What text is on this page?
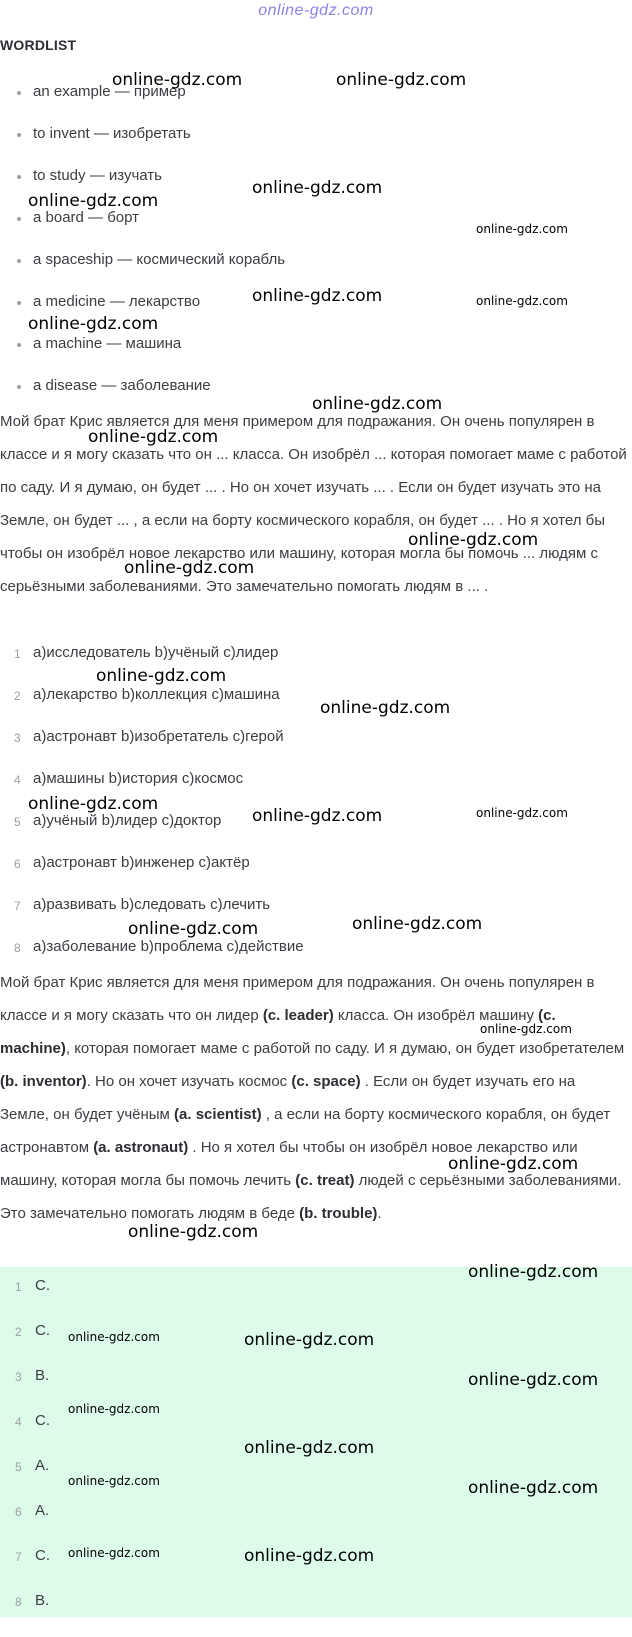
online-gdz.com
WORDLIST
an example — пример
to invent — изобретать
to study — изучать
a board — борт
a spaceship — космический корабль
a medicine — лекарство
a machine — машина
a disease — заболевание

Мой брат Крис является для меня примером для подражания. Он очень популярен в классе и я могу сказать что он ... класса. Он изобрёл ... которая помогает маме с работой по саду. И я думаю, он будет ... . Но он хочет изучать ... . Если он будет изучать это на Земле, он будет ... , а если на борту космического корабля, он будет ... . Но я хотел бы чтобы он изобрёл новое лекарство или машину, которая могла бы помочь ... людям с серьёзными заболеваниями. Это замечательно помогать людям в ... .

1 a)исследователь b)учёный c)лидер
2 a)лекарство b)коллекция c)машина
3 a)астронавт b)изобретатель c)герой
4 a)машины b)история c)космос
5 a)учёный b)лидер c)доктор
6 a)астронавт b)инженер c)актёр
7 a)развивать b)следовать c)лечить
8 a)заболевание b)проблема c)действие

Мой брат Крис является для меня примером для подражания. Он очень популярен в классе и я могу сказать что он лидер (c. leader) класса. Он изобрёл машину (c. machine), которая помогает маме с работой по саду. И я думаю, он будет изобретателем (b. inventor). Но он хочет изучать космос (c. space) . Если он будет изучать его на Земле, он будет учёным (a. scientist) , а если на борту космического корабля, он будет астронавтом (a. astronaut) . Но я хотел бы чтобы он изобрёл новое лекарство или машину, которая могла бы помочь лечить (c. treat) людей с серьёзными заболеваниями. Это замечательно помогать людям в беде (b. trouble).

1 C.
2 C.
3 B.
4 C.
5 A.
6 A.
7 C.
8 B.
online-gdz.com	online-gdz.com
online-gdz.com
online-gdz.com
online-gdz.com
online-gdz.com	online-gdz.com
online-gdz.com
online-gdz.com
online-gdz.com
online-gdz.com
online-gdz.com
online-gdz.com
online-gdz.com
online-gdz.com
online-gdz.com	online-gdz.com
online-gdz.com
online-gdz.com
online-gdz.com
online-gdz.com
online-gdz.com
online-gdz.com
online-gdz.com	online-gdz.com
online-gdz.com
online-gdz.com
online-gdz.com
online-gdz.com	online-gdz.com
online-gdz.com	online-gdz.com
